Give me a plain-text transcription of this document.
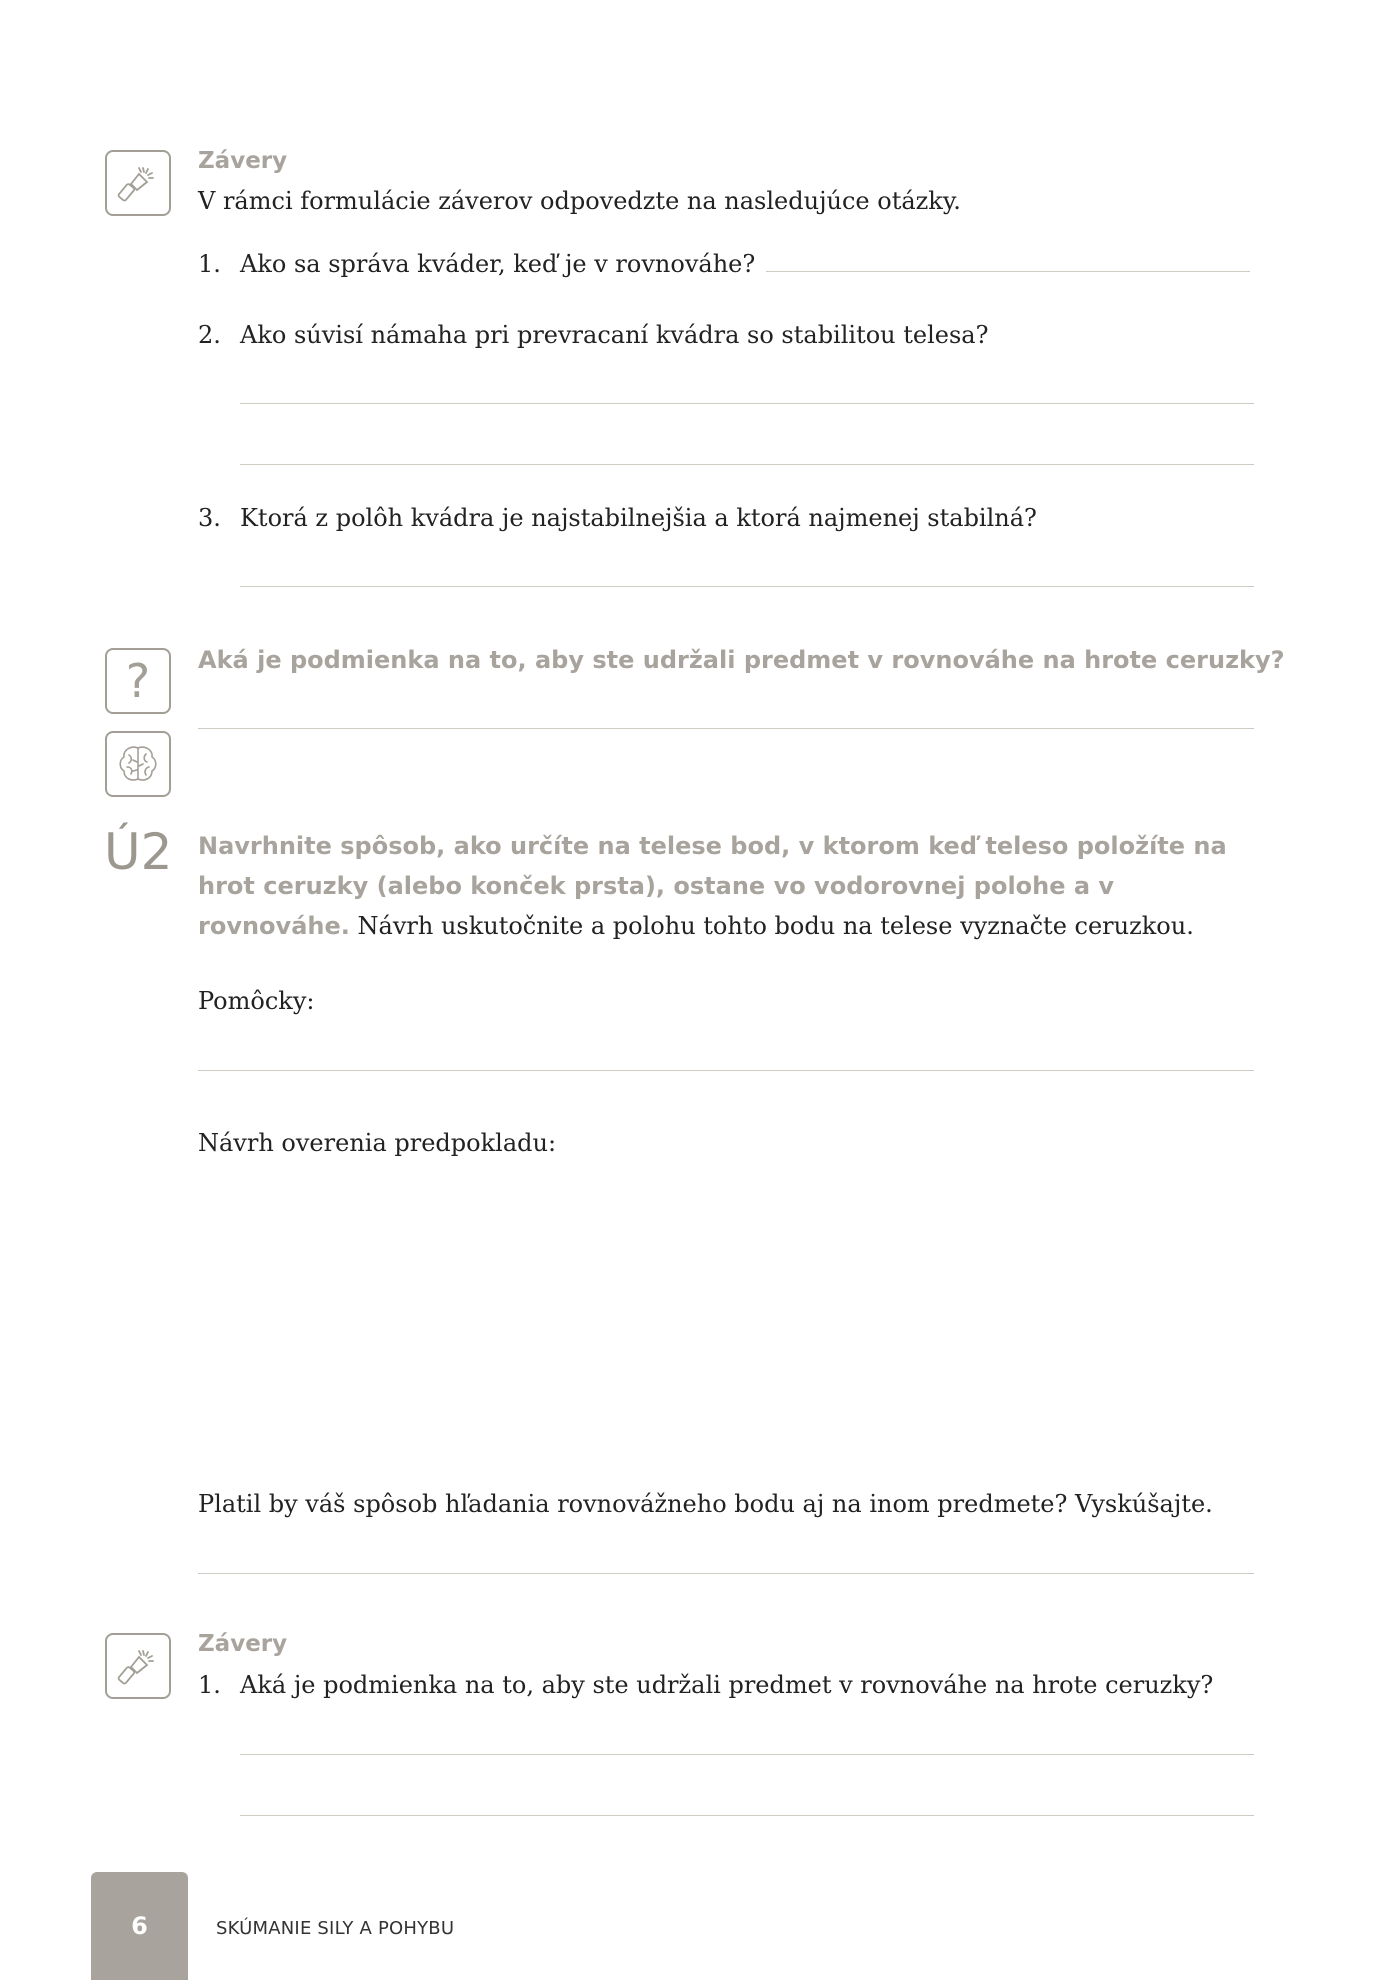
Závery
V rámci formulácie záverov odpovedzte na nasledujúce otázky.
1. Ako sa správa kváder, keď je v rovnováhe?
2. Ako súvisí námaha pri prevracaní kvádra so stabilitou telesa?
3. Ktorá z polôh kvádra je najstabilnejšia a ktorá najmenej stabilná?
? Aká je podmienka na to, aby ste udržali predmet v rovnováhe na hrote ceruzky?
Ú2 Navrhnite spôsob, ako určíte na telese bod, v ktorom keď teleso položíte na hrot ceruzky (alebo konček prsta), ostane vo vodorovnej polohe a v rovnováhe. Návrh uskutočnite a polohu tohto bodu na telese vyznačte ceruzkou.
Pomôcky:
Návrh overenia predpokladu:
Platil by váš spôsob hľadania rovnovážneho bodu aj na inom predmete? Vyskúšajte.
Závery
1. Aká je podmienka na to, aby ste udržali predmet v rovnováhe na hrote ceruzky?
6	SKÚMANIE SILY A POHYBU
